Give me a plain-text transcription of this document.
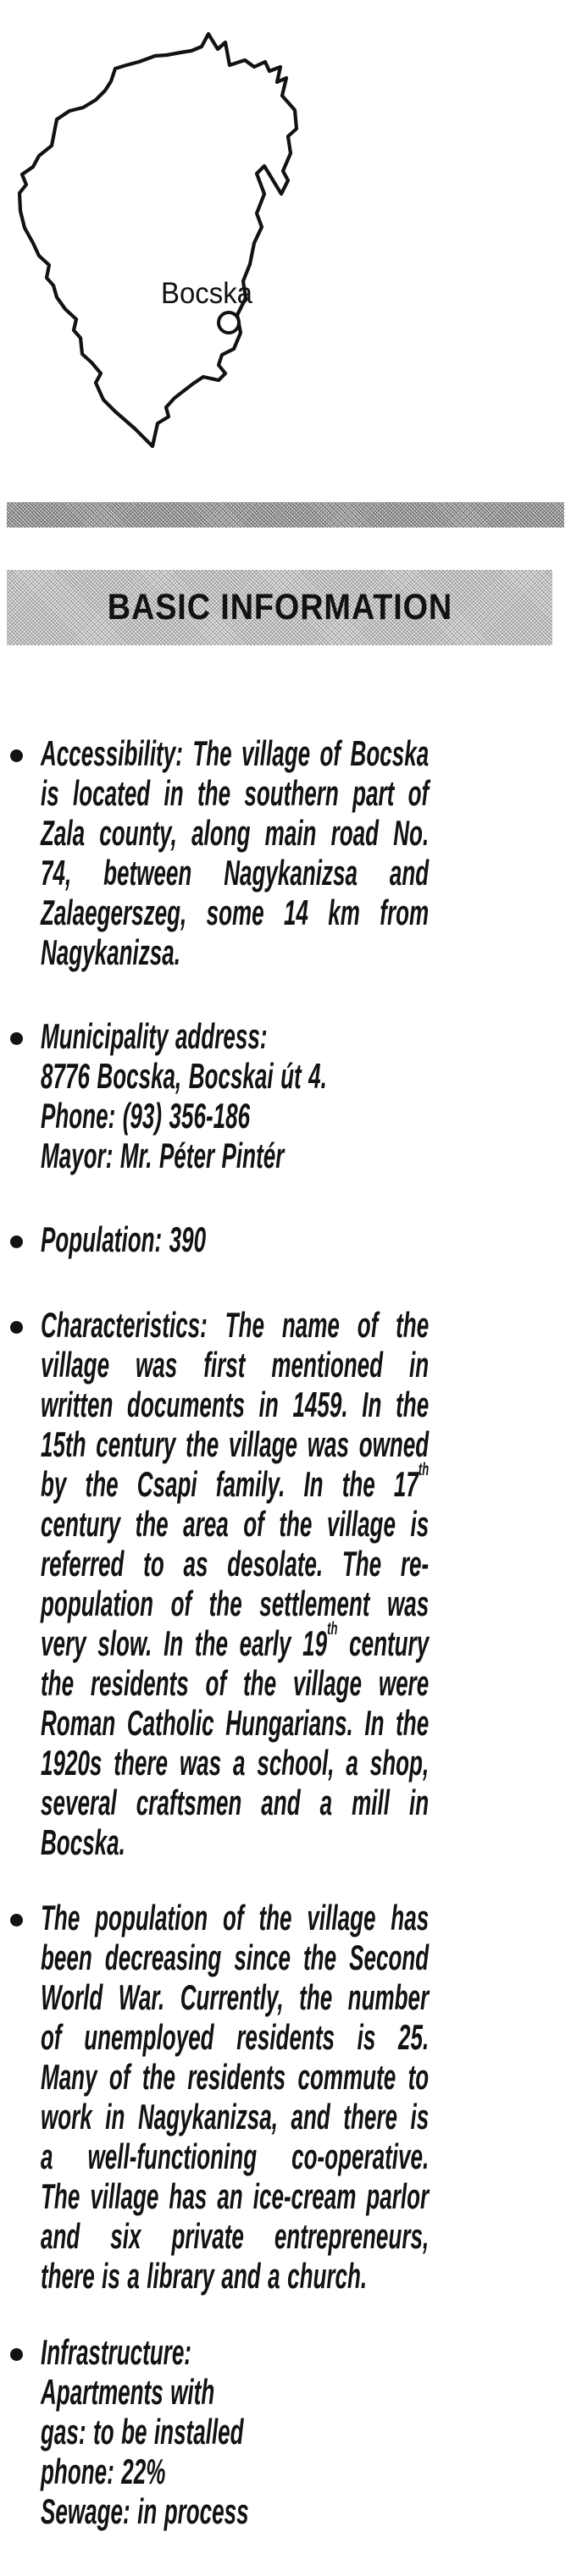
Bocska
BASIC INFORMATION
Accessibility: The village of Bocska
is located in the southern part of
Zala county, along main road No.
74, between Nagykanizsa and
Zalaegerszeg, some 14 km from
Nagykanizsa.
Municipality address:
8776 Bocska, Bocskai út 4.
Phone: (93) 356-186
Mayor: Mr. Péter Pintér
Population: 390
Characteristics: The name of the
village was first mentioned in
written documents in 1459. In the
15th century the village was owned
by the Csapi family. In the 17th
century the area of the village is
referred to as desolate. The re-
population of the settlement was
very slow. In the early 19th century
the residents of the village were
Roman Catholic Hungarians. In the
1920s there was a school, a shop,
several craftsmen and a mill in
Bocska.
The population of the village has
been decreasing since the Second
World War. Currently, the number
of unemployed residents is 25.
Many of the residents commute to
work in Nagykanizsa, and there is
a well-functioning co-operative.
The village has an ice-cream parlor
and six private entrepreneurs,
there is a library and a church.
Infrastructure:
Apartments with
gas: to be installed
phone: 22%
Sewage: in process
